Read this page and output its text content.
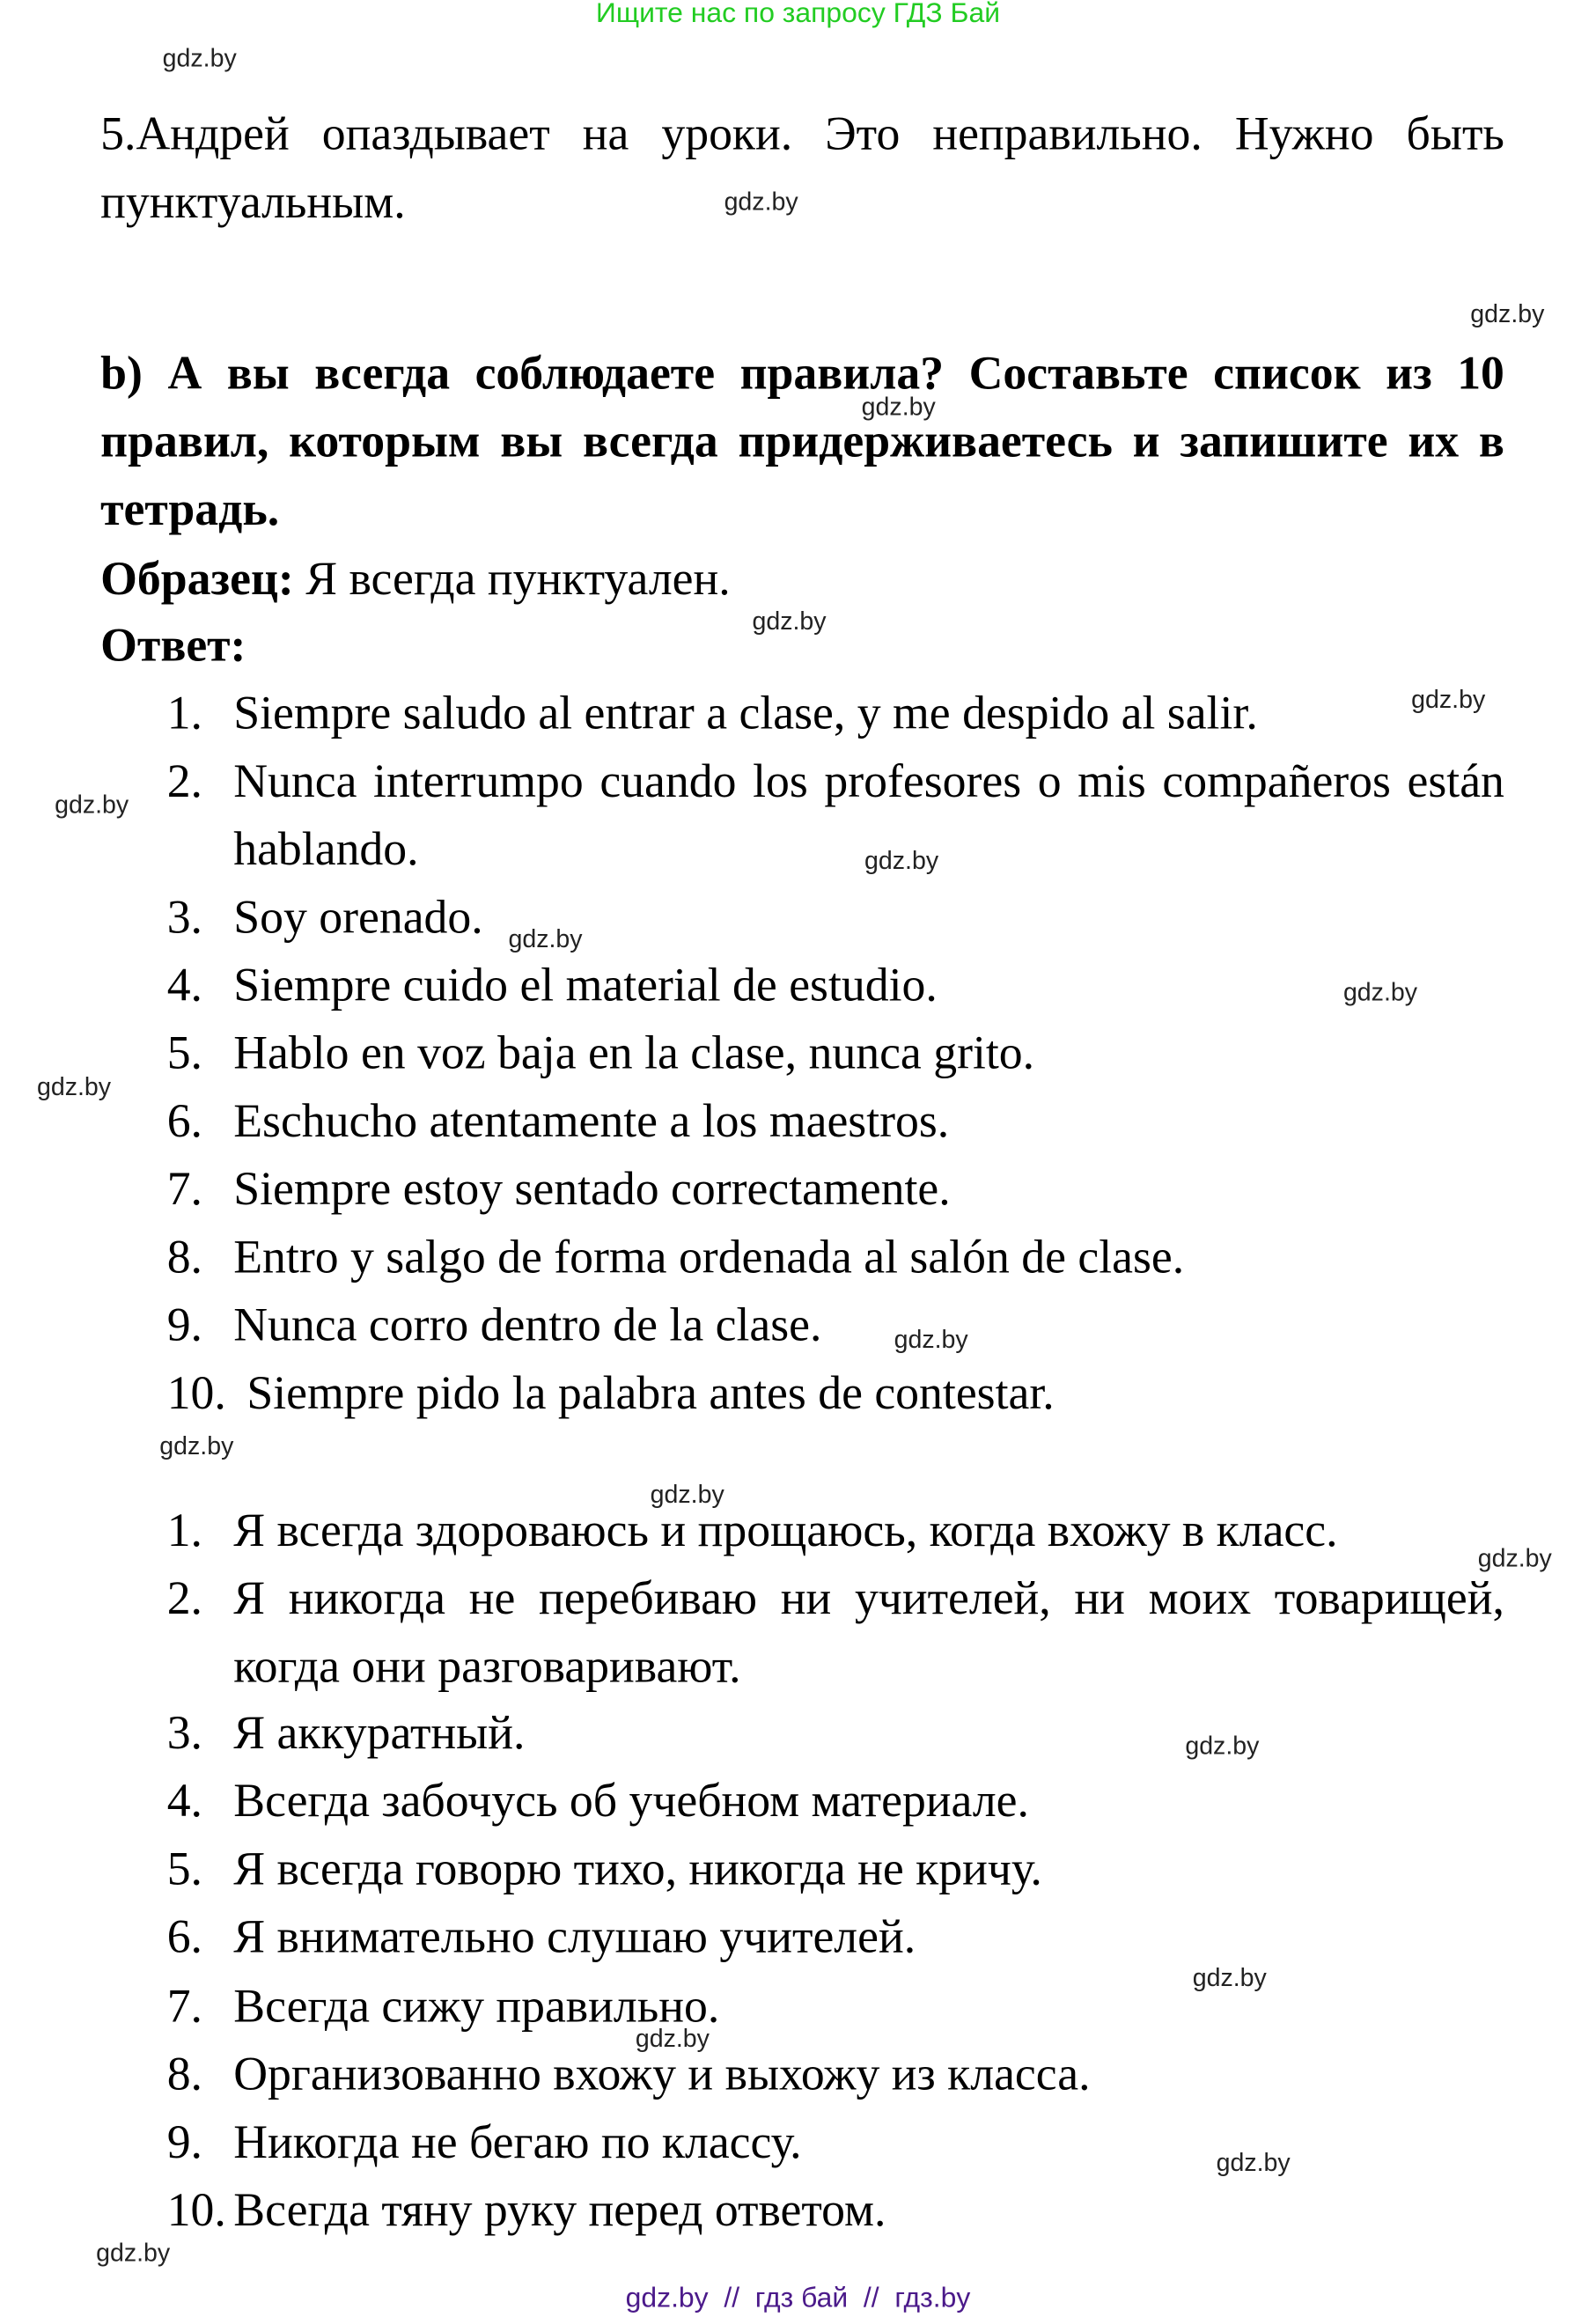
Ищите нас по запросу ГДЗ Бай
5.Андрей опаздывает на уроки. Это неправильно. Нужно быть пунктуальным.
b) А вы всегда соблюдаете правила? Составьте список из 10 правил, которым вы всегда придерживаетесь и запишите их в тетрадь.
Образец: Я всегда пунктуален.
Ответ:
1. Siempre saludo al entrar a clase, y me despido al salir.
2. Nunca interrumpo cuando los profesores o mis compañeros están hablando.
3. Soy orenado.
4. Siempre cuido el material de estudio.
5. Hablo en voz baja en la clase, nunca grito.
6. Eschucho atentamente a los maestros.
7. Siempre estoy sentado correctamente.
8. Entro y salgo de forma ordenada al salón de clase.
9. Nunca corro dentro de la clase.
10. Siempre pido la palabra antes de contestar.
1. Я всегда здороваюсь и прощаюсь, когда вхожу в класс.
2. Я никогда не перебиваю ни учителей, ни моих товарищей, когда они разговаривают.
3. Я аккуратный.
4. Всегда забочусь об учебном материале.
5. Я всегда говорю тихо, никогда не кричу.
6. Я внимательно слушаю учителей.
7. Всегда сижу правильно.
8. Организованно вхожу и выхожу из класса.
9. Никогда не бегаю по классу.
10. Всегда тяну руку перед ответом.
gdz.by
gdz.by
gdz.by
gdz.by
gdz.by
gdz.by
gdz.by
gdz.by
gdz.by
gdz.by
gdz.by
gdz.by
gdz.by
gdz.by
gdz.by
gdz.by
gdz.by
gdz.by
gdz.by
gdz.by
gdz.by  //  гдз бай  //  гдз.by
